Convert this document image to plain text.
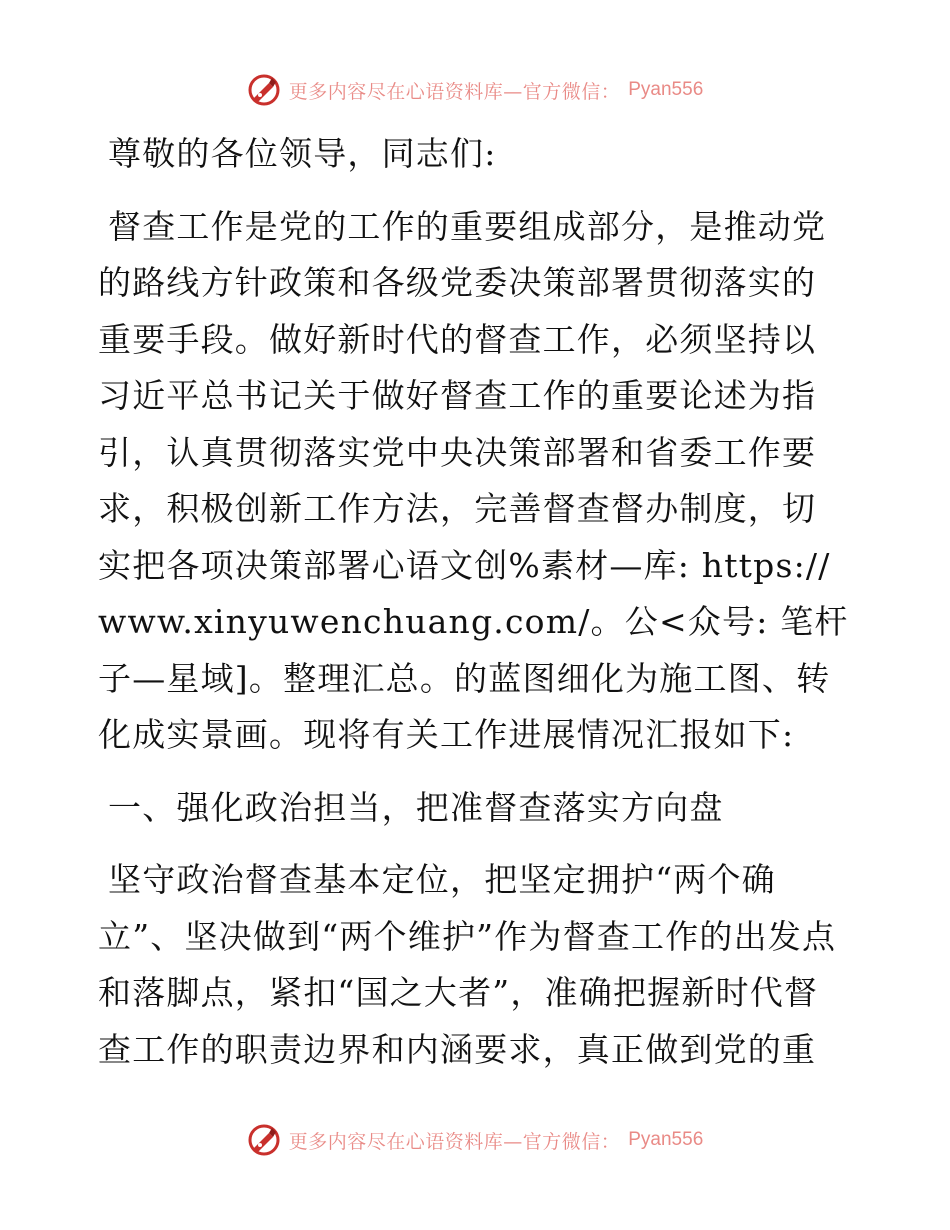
更多内容尽在心语资料库—官方微信： Pyan556

尊敬的各位领导，同志们:

督查工作是党的工作的重要组成部分，是推动党的路线方针政策和各级党委决策部署贯彻落实的重要手段。做好新时代的督查工作，必须坚持以习近平总书记关于做好督查工作的重要论述为指引，认真贯彻落实党中央决策部署和省委工作要求，积极创新工作方法，完善督查督办制度，切实把各项决策部署心语文创%素材—库: https://www.xinyuwenchuang.com/。公<众号: 笔杆子—星域]。整理汇总。的蓝图细化为施工图、转化成实景画。现将有关工作进展情况汇报如下:

一、强化政治担当，把准督查落实方向盘

坚守政治督查基本定位，把坚定拥护“两个确立”、坚决做到“两个维护”作为督查工作的出发点和落脚点，紧扣“国之大者”，准确把握新时代督查工作的职责边界和内涵要求，真正做到党的重

更多内容尽在心语资料库—官方微信： Pyan556
